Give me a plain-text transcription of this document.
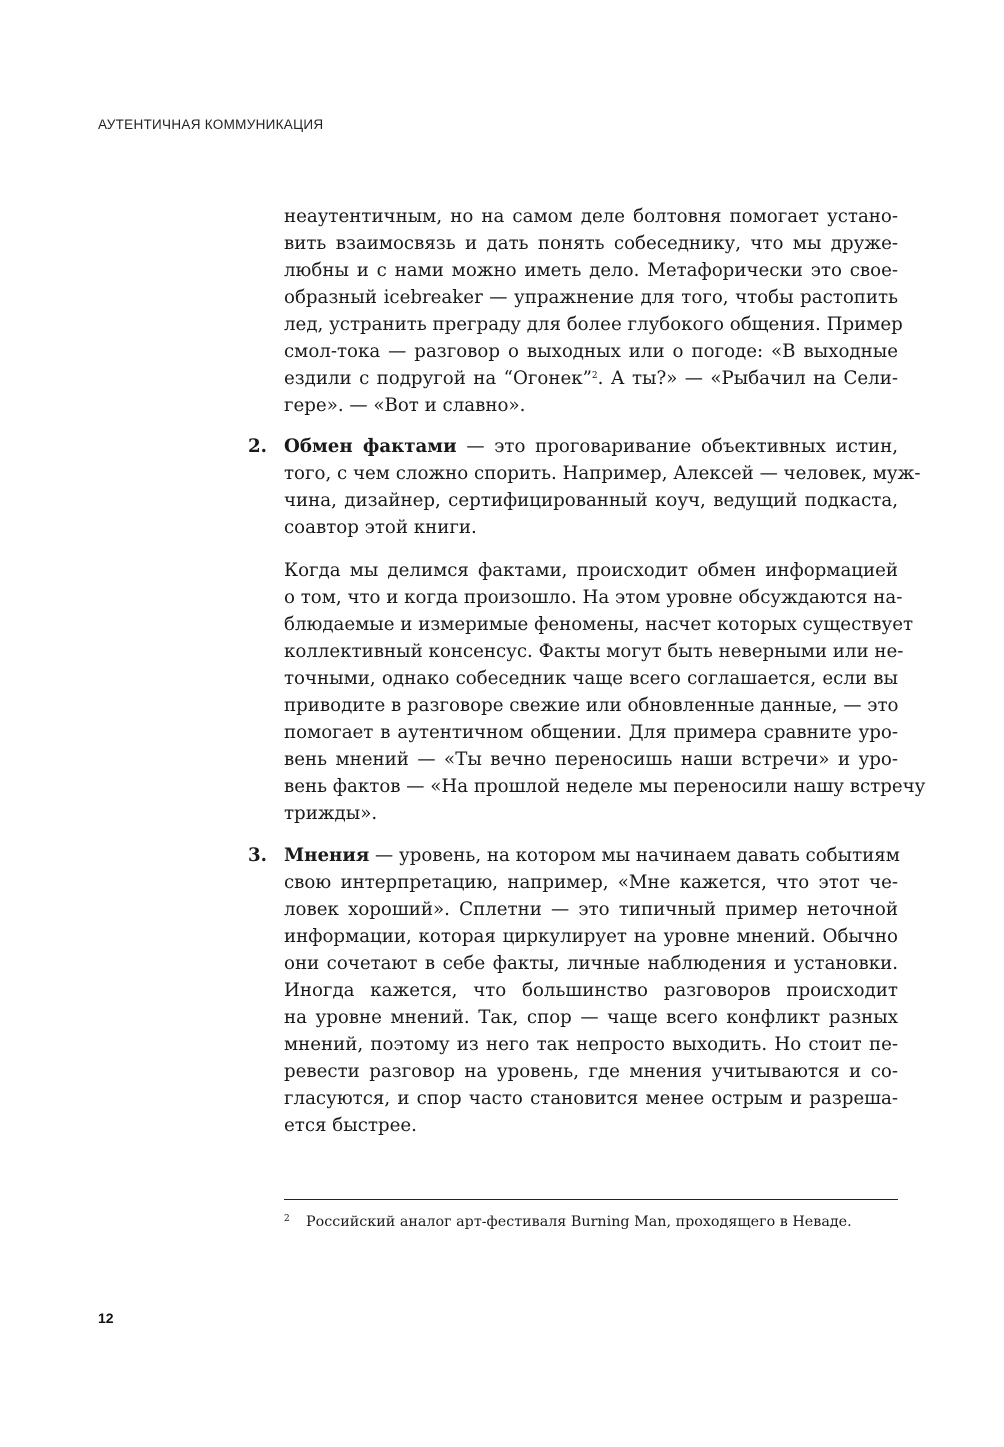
АУТЕНТИЧНАЯ КОММУНИКАЦИЯ
неаутентичным, но на самом деле болтовня помогает устано-
вить взаимосвязь и дать понять собеседнику, что мы друже-
любны и с нами можно иметь дело. Метафорически это свое-
образный icebreaker — упражнение для того, чтобы растопить
лед, устранить преграду для более глубокого общения. Пример
смол-тока — разговор о выходных или о погоде: «В выходные
ездили с подругой на “Огонек”$^2$. А ты?» — «Рыбачил на Сели-
гере». — «Вот и славно».
2. Обмен фактами — это проговаривание объективных истин,
того, с чем сложно спорить. Например, Алексей — человек, муж-
чина, дизайнер, сертифицированный коуч, ведущий подкаста,
соавтор этой книги.
Когда мы делимся фактами, происходит обмен информацией
о том, что и когда произошло. На этом уровне обсуждаются на-
блюдаемые и измеримые феномены, насчет которых существует
коллективный консенсус. Факты могут быть неверными или не-
точными, однако собеседник чаще всего соглашается, если вы
приводите в разговоре свежие или обновленные данные, — это
помогает в аутентичном общении. Для примера сравните уро-
вень мнений — «Ты вечно переносишь наши встречи» и уро-
вень фактов — «На прошлой неделе мы переносили нашу встречу
трижды».
3. Мнения — уровень, на котором мы начинаем давать событиям
свою интерпретацию, например, «Мне кажется, что этот че-
ловек хороший». Сплетни — это типичный пример неточной
информации, которая циркулирует на уровне мнений. Обычно
они сочетают в себе факты, личные наблюдения и установки.
Иногда кажется, что большинство разговоров происходит
на уровне мнений. Так, спор — чаще всего конфликт разных
мнений, поэтому из него так непросто выходить. Но стоит пе-
ревести разговор на уровень, где мнения учитываются и со-
гласуются, и спор часто становится менее острым и разреша-
ется быстрее.
2 Российский аналог арт-фестиваля Burning Man, проходящего в Неваде.
12
